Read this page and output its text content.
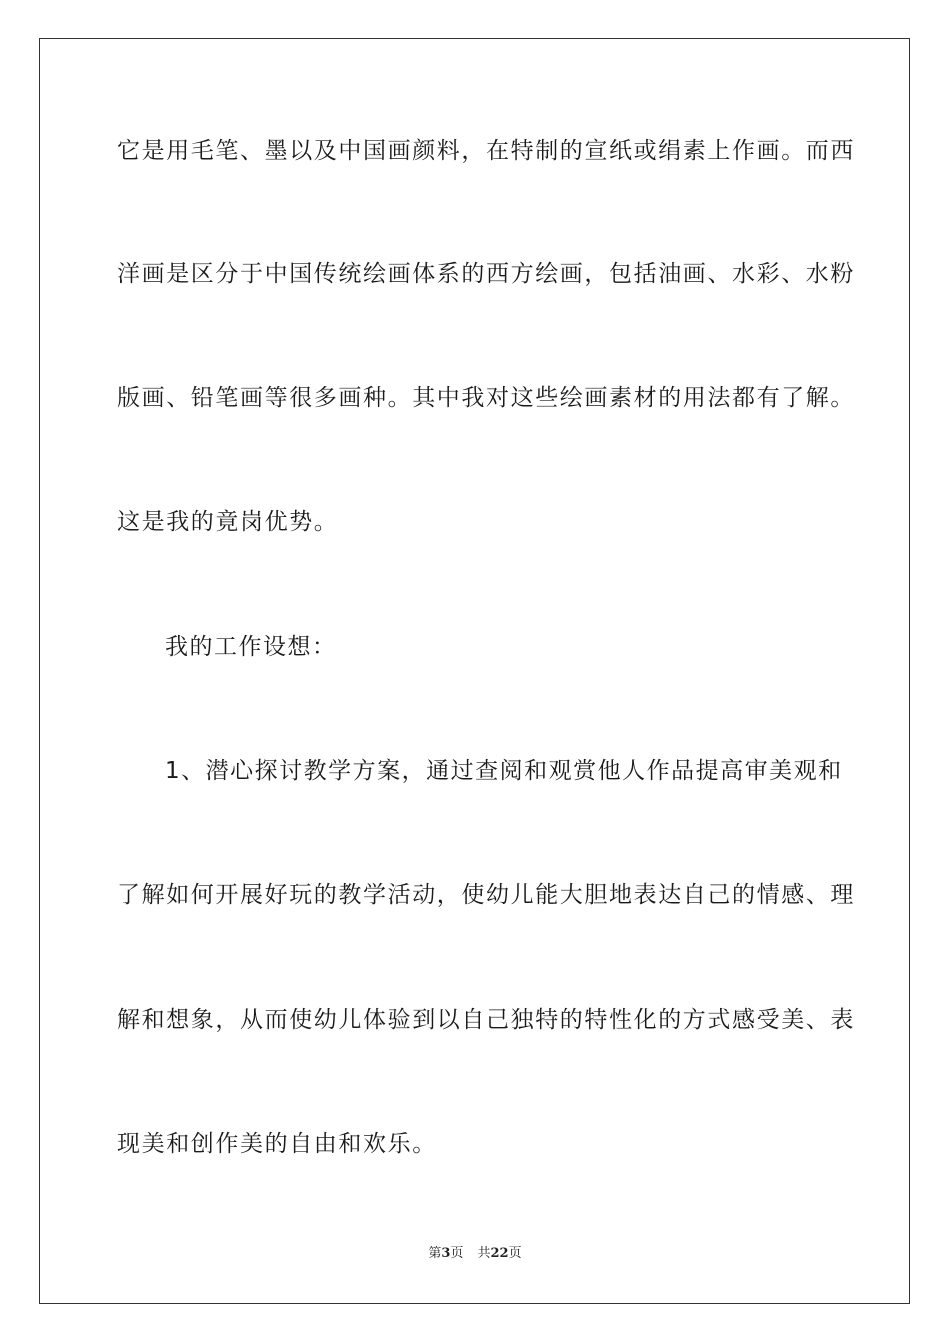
它是用毛笔、墨以及中国画颜料，在特制的宣纸或绢素上作画。而西
洋画是区分于中国传统绘画体系的西方绘画，包括油画、水彩、水粉
版画、铅笔画等很多画种。其中我对这些绘画素材的用法都有了解。
这是我的竟岗优势。
我的工作设想：
1、潜心探讨教学方案，通过查阅和观赏他人作品提高审美观和
了解如何开展好玩的教学活动，使幼儿能大胆地表达自己的情感、理
解和想象，从而使幼儿体验到以自己独特的特性化的方式感受美、表
现美和创作美的自由和欢乐。
第3页 共22页
